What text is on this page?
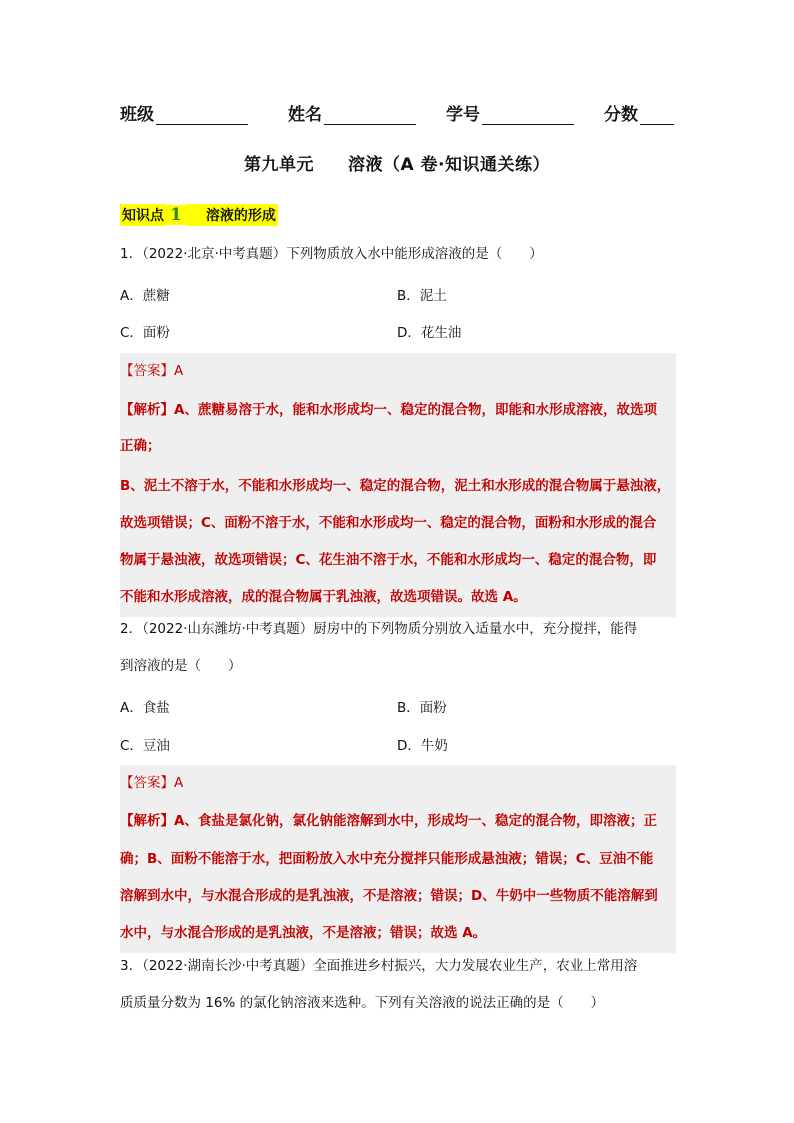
班级	姓名	学号	分数
第九单元 溶液（A 卷·知识通关练）
知识点 1 溶液的形成
1．（2022·北京·中考真题）下列物质放入水中能形成溶液的是（　　）
A．蔗糖	B．泥土
C．面粉	D．花生油
【答案】A
【解析】A、蔗糖易溶于水，能和水形成均一、稳定的混合物，即能和水形成溶液，故选项
正确；
B、泥土不溶于水，不能和水形成均一、稳定的混合物，泥土和水形成的混合物属于悬浊液，
故选项错误；C、面粉不溶于水，不能和水形成均一、稳定的混合物，面粉和水形成的混合
物属于悬浊液，故选项错误；C、花生油不溶于水，不能和水形成均一、稳定的混合物，即
不能和水形成溶液，成的混合物属于乳浊液，故选项错误。故选 A。
2．（2022·山东潍坊·中考真题）厨房中的下列物质分别放入适量水中，充分搅拌，能得
到溶液的是（　　）
A．食盐	B．面粉
C．豆油	D．牛奶
【答案】A
【解析】A、食盐是氯化钠，氯化钠能溶解到水中，形成均一、稳定的混合物，即溶液；正
确；B、面粉不能溶于水，把面粉放入水中充分搅拌只能形成悬浊液；错误；C、豆油不能
溶解到水中，与水混合形成的是乳浊液，不是溶液；错误；D、牛奶中一些物质不能溶解到
水中，与水混合形成的是乳浊液，不是溶液；错误；故选 A。
3．（2022·湖南长沙·中考真题）全面推进乡村振兴，大力发展农业生产，农业上常用溶
质质量分数为 16% 的氯化钠溶液来选种。下列有关溶液的说法正确的是（　　）
